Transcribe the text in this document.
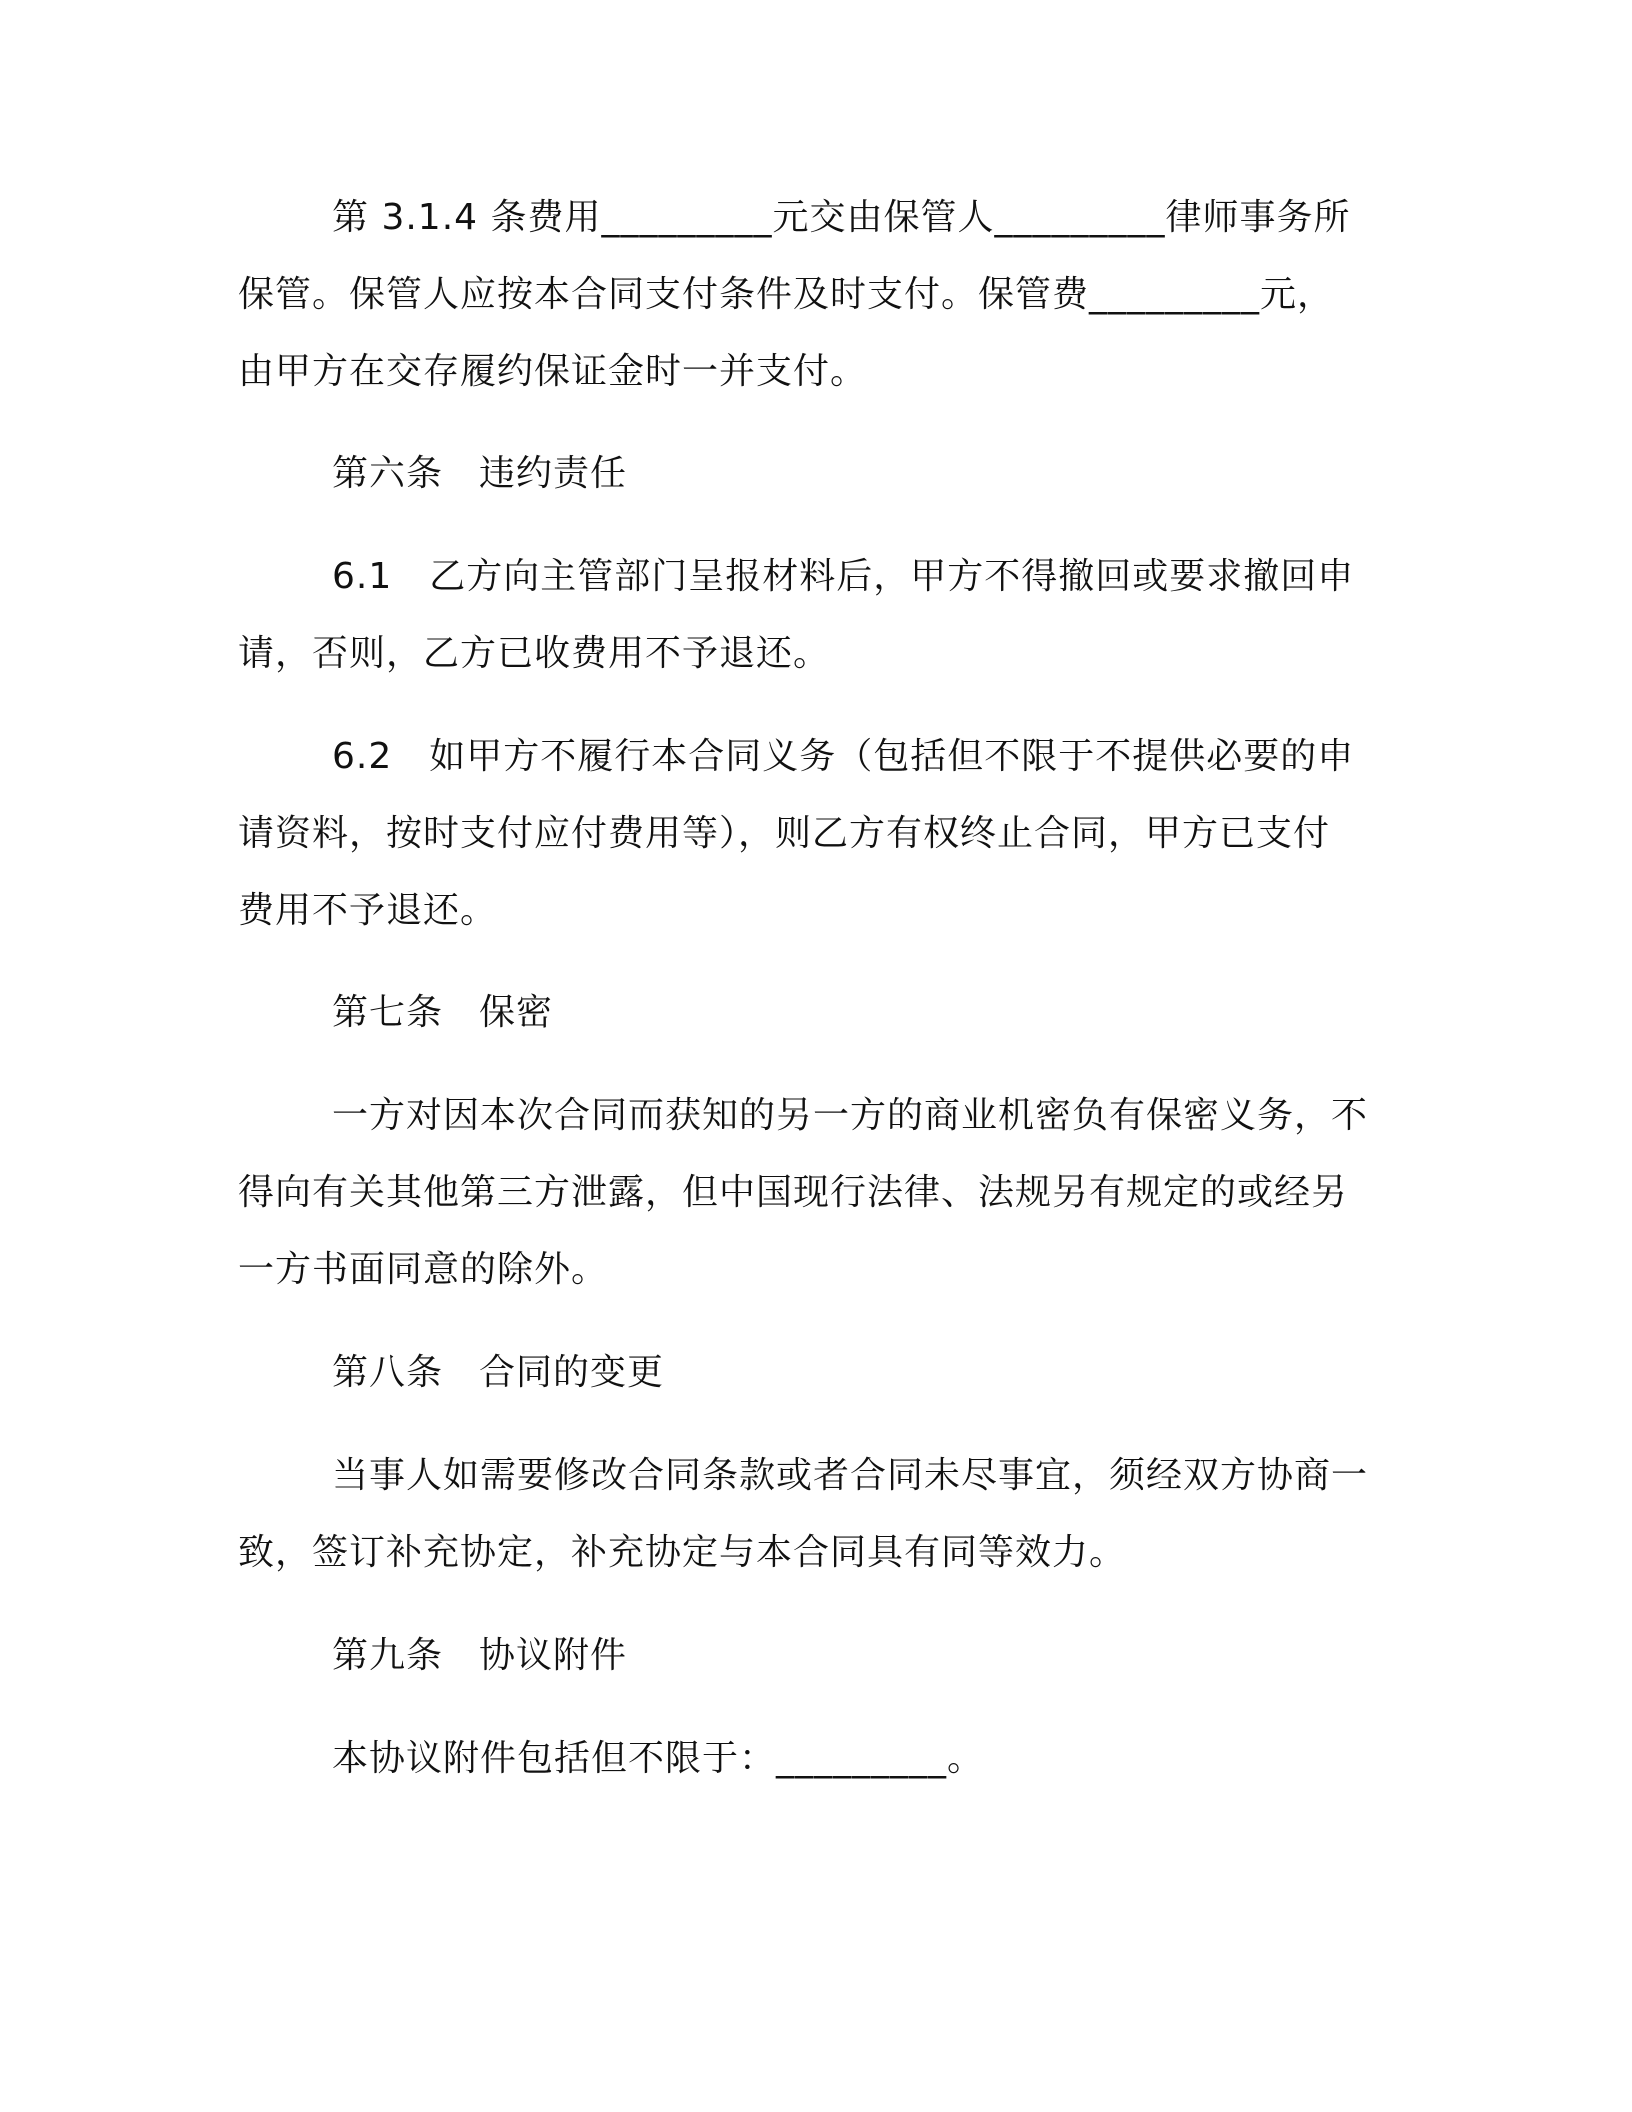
第 3.1.4 条费用_________元交由保管人_________律师事务所
保管。保管人应按本合同支付条件及时支付。保管费_________元，
由甲方在交存履约保证金时一并支付。
第六条 违约责任
6.1　乙方向主管部门呈报材料后，甲方不得撤回或要求撤回申
请，否则，乙方已收费用不予退还。
6.2　如甲方不履行本合同义务（包括但不限于不提供必要的申
请资料，按时支付应付费用等），则乙方有权终止合同，甲方已支付
费用不予退还。
第七条 保密
一方对因本次合同而获知的另一方的商业机密负有保密义务，不
得向有关其他第三方泄露，但中国现行法律、法规另有规定的或经另
一方书面同意的除外。
第八条 合同的变更
当事人如需要修改合同条款或者合同未尽事宜，须经双方协商一
致，签订补充协定，补充协定与本合同具有同等效力。
第九条 协议附件
本协议附件包括但不限于：_________。
